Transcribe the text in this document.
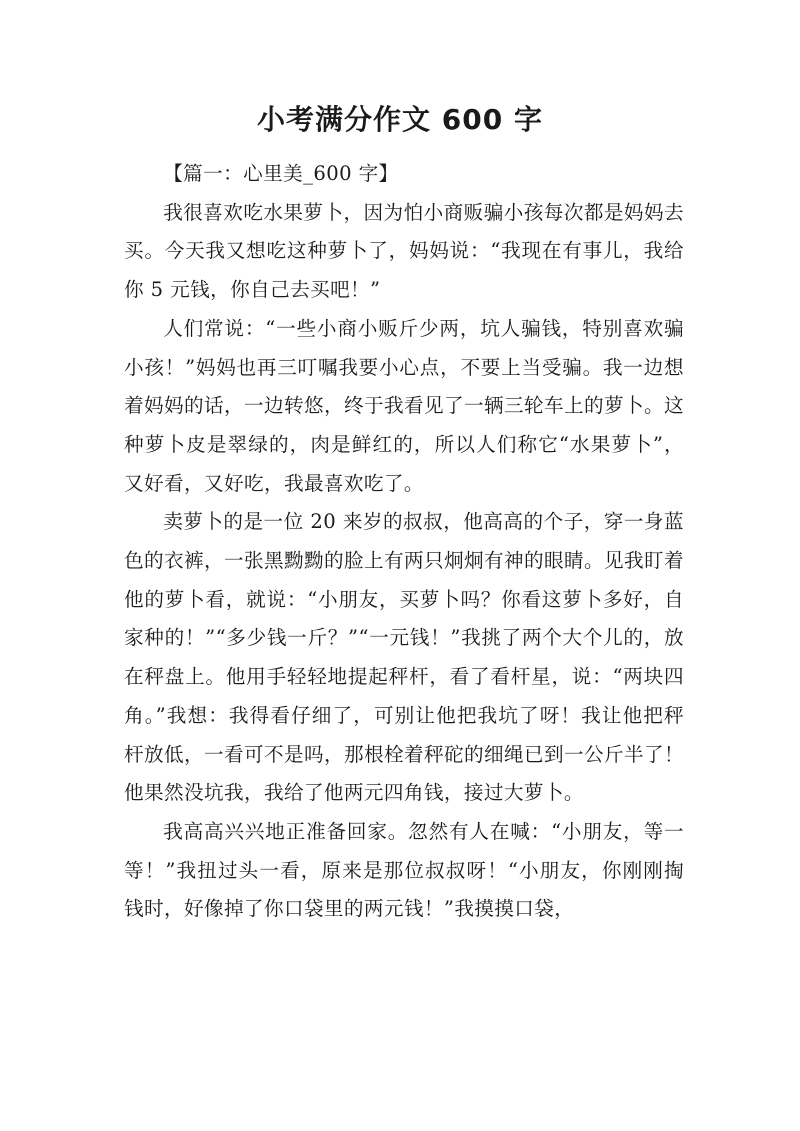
小考满分作文 600 字

【篇一：心里美_600 字】

我很喜欢吃水果萝卜，因为怕小商贩骗小孩每次都是妈妈去买。今天我又想吃这种萝卜了，妈妈说：“我现在有事儿，我给你 5 元钱，你自己去买吧！”

人们常说：“一些小商小贩斤少两，坑人骗钱，特别喜欢骗小孩！”妈妈也再三叮嘱我要小心点，不要上当受骗。我一边想着妈妈的话，一边转悠，终于我看见了一辆三轮车上的萝卜。这种萝卜皮是翠绿的，肉是鲜红的，所以人们称它“水果萝卜”，又好看，又好吃，我最喜欢吃了。

卖萝卜的是一位 20 来岁的叔叔，他高高的个子，穿一身蓝色的衣裤，一张黑黝黝的脸上有两只炯炯有神的眼睛。见我盯着他的萝卜看，就说：“小朋友，买萝卜吗？你看这萝卜多好，自家种的！”“多少钱一斤？”“一元钱！”我挑了两个大个儿的，放在秤盘上。他用手轻轻地提起秤杆，看了看杆星，说：“两块四角。”我想：我得看仔细了，可别让他把我坑了呀！我让他把秤杆放低，一看可不是吗，那根栓着秤砣的细绳已到一公斤半了！他果然没坑我，我给了他两元四角钱，接过大萝卜。

我高高兴兴地正准备回家。忽然有人在喊：“小朋友，等一等！”我扭过头一看，原来是那位叔叔呀！“小朋友，你刚刚掏钱时，好像掉了你口袋里的两元钱！”我摸摸口袋，
